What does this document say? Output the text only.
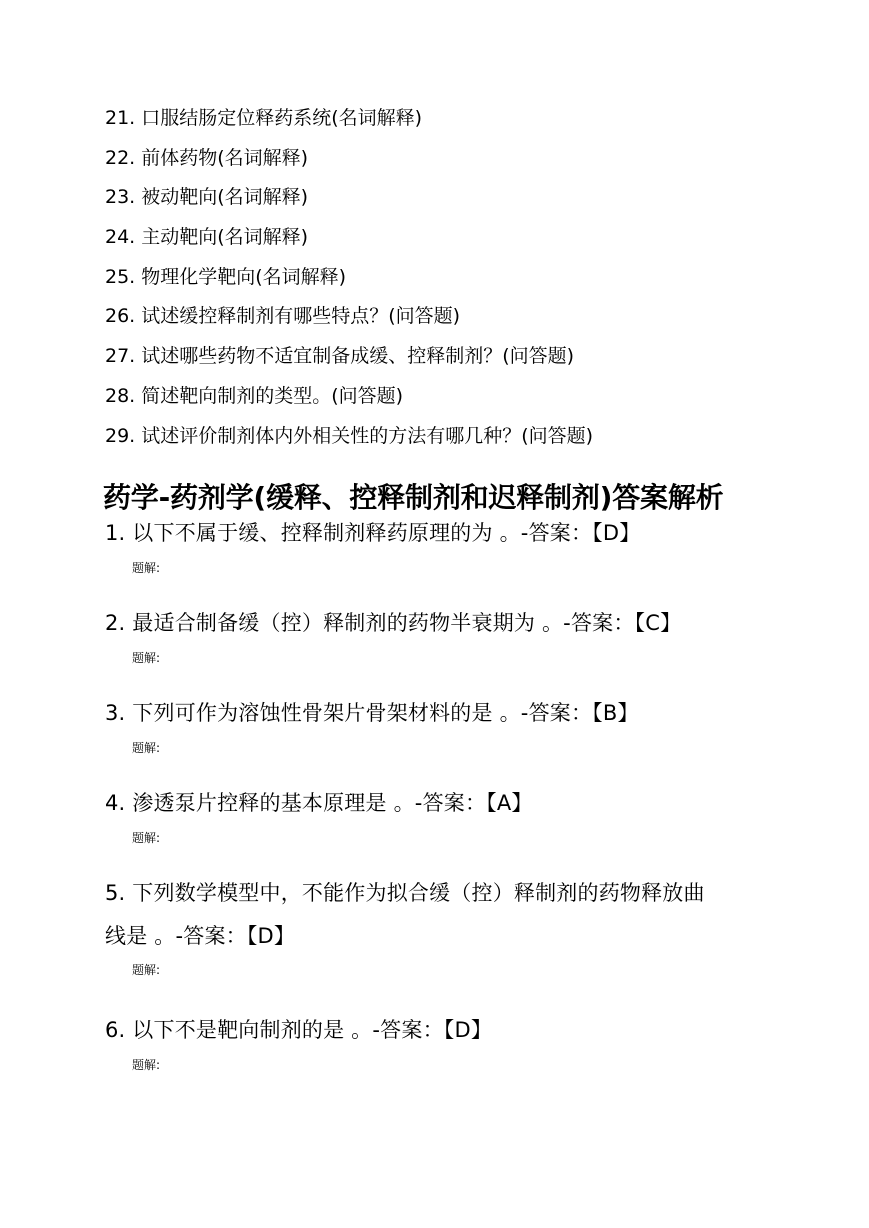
21. 口服结肠定位释药系统(名词解释)
22. 前体药物(名词解释)
23. 被动靶向(名词解释)
24. 主动靶向(名词解释)
25. 物理化学靶向(名词解释)
26. 试述缓控释制剂有哪些特点？(问答题)
27. 试述哪些药物不适宜制备成缓、控释制剂？(问答题)
28. 简述靶向制剂的类型。(问答题)
29. 试述评价制剂体内外相关性的方法有哪几种？(问答题)
药学-药剂学(缓释、控释制剂和迟释制剂)答案解析
1. 以下不属于缓、控释制剂释药原理的为 。-答案：【D】
题解:
2. 最适合制备缓（控）释制剂的药物半衰期为 。-答案：【C】
题解:
3. 下列可作为溶蚀性骨架片骨架材料的是 。-答案：【B】
题解:
4. 渗透泵片控释的基本原理是 。-答案：【A】
题解:
5. 下列数学模型中，不能作为拟合缓（控）释制剂的药物释放曲
线是 。-答案：【D】
题解:
6. 以下不是靶向制剂的是 。-答案：【D】
题解:
